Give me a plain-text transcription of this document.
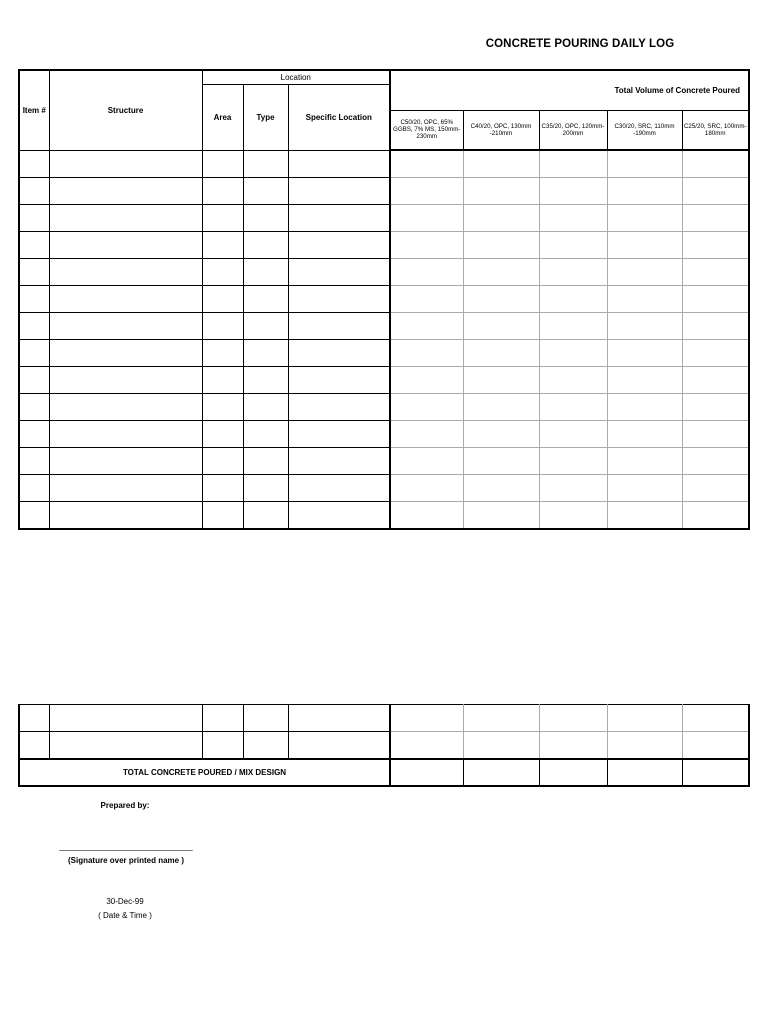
CONCRETE POURING DAILY LOG
Item #	Structure	Location			Total Volume of Concrete Poured				
		Area	Type	Specific Location					
					C50/20, OPC, 65% GGBS, 7% MS, 150mm-230mm	C40/20, OPC, 130mm -210mm	C35/20, OPC, 120mm-200mm	C30/20, SRC, 110mm -190mm	C25/20, SRC, 100mm-180mm

TOTAL CONCRETE POURED / MIX DESIGN									
Prepared by:
______________________________
(Signature over printed name )
30-Dec-99
( Date & Time )
